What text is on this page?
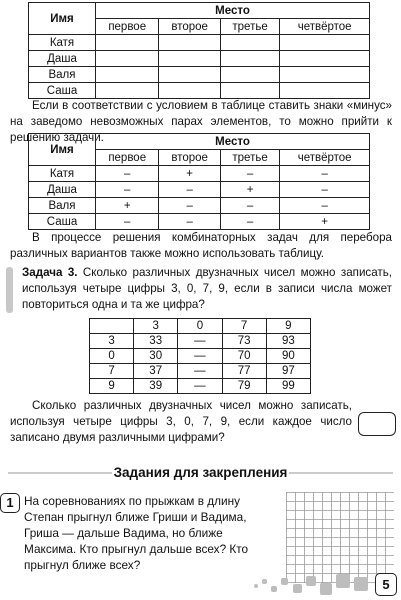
Имя	Место			
	первое	второе	третье	четвёртое
Катя				
Даша				
Валя				
Саша				
Если в соответствии с условием в таблице ставить знаки «минус» на заведомо невозможных парах элементов, то можно прийти к решению задачи.
Имя	Место			
	первое	второе	третье	четвёртое
Катя	–	+	–	–
Даша	–	–	+	–
Валя	+	–	–	–
Саша	–	–	–	+
В процессе решения комбинаторных задач для перебора различных вариантов также можно использовать таблицу.
Задача 3. Сколько различных двузначных чисел можно записать, используя четыре цифры 3, 0, 7, 9, если в записи числа может повториться одна и та же цифра?
	3	0	7	9
3	33	—	73	93
0	30	—	70	90
7	37	—	77	97
9	39	—	79	99
Сколько различных двузначных чисел можно записать, используя четыре цифры 3, 0, 7, 9, если каждое число записано двумя различными цифрами?
Задания для закрепления
1 На соревнованиях по прыжкам в длину Степан прыгнул ближе Гриши и Вадима, Гриша — дальше Вадима, но ближе Максима. Кто прыгнул дальше всех? Кто прыгнул ближе всех?
5
